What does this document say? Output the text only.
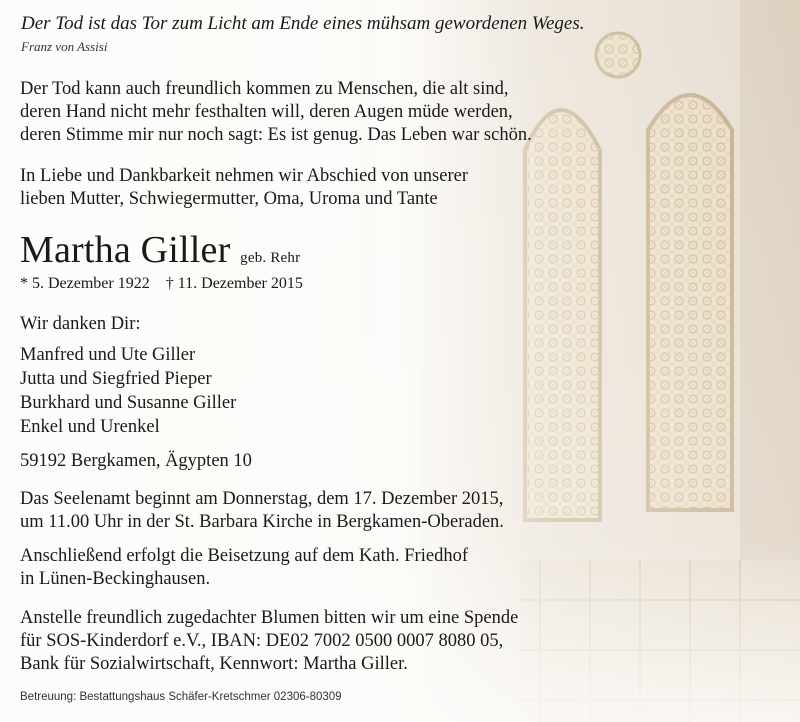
Der Tod ist das Tor zum Licht am Ende eines mühsam gewordenen Weges.
Franz von Assisi
Der Tod kann auch freundlich kommen zu Menschen, die alt sind,
deren Hand nicht mehr festhalten will, deren Augen müde werden,
deren Stimme mir nur noch sagt: Es ist genug. Das Leben war schön.
In Liebe und Dankbarkeit nehmen wir Abschied von unserer
lieben Mutter, Schwiegermutter, Oma, Uroma und Tante
Martha Giller geb. Rehr
* 5. Dezember 1922    † 11. Dezember 2015
Wir danken Dir:
Manfred und Ute Giller
Jutta und Siegfried Pieper
Burkhard und Susanne Giller
Enkel und Urenkel
59192 Bergkamen, Ägypten 10
Das Seelenamt beginnt am Donnerstag, dem 17. Dezember 2015,
um 11.00 Uhr in der St. Barbara Kirche in Bergkamen-Oberaden.
Anschließend erfolgt die Beisetzung auf dem Kath. Friedhof
in Lünen-Beckinghausen.
Anstelle freundlich zugedachter Blumen bitten wir um eine Spende
für SOS-Kinderdorf e.V., IBAN: DE02 7002 0500 0007 8080 05,
Bank für Sozialwirtschaft, Kennwort: Martha Giller.
Betreuung: Bestattungshaus Schäfer-Kretschmer 02306-80309
